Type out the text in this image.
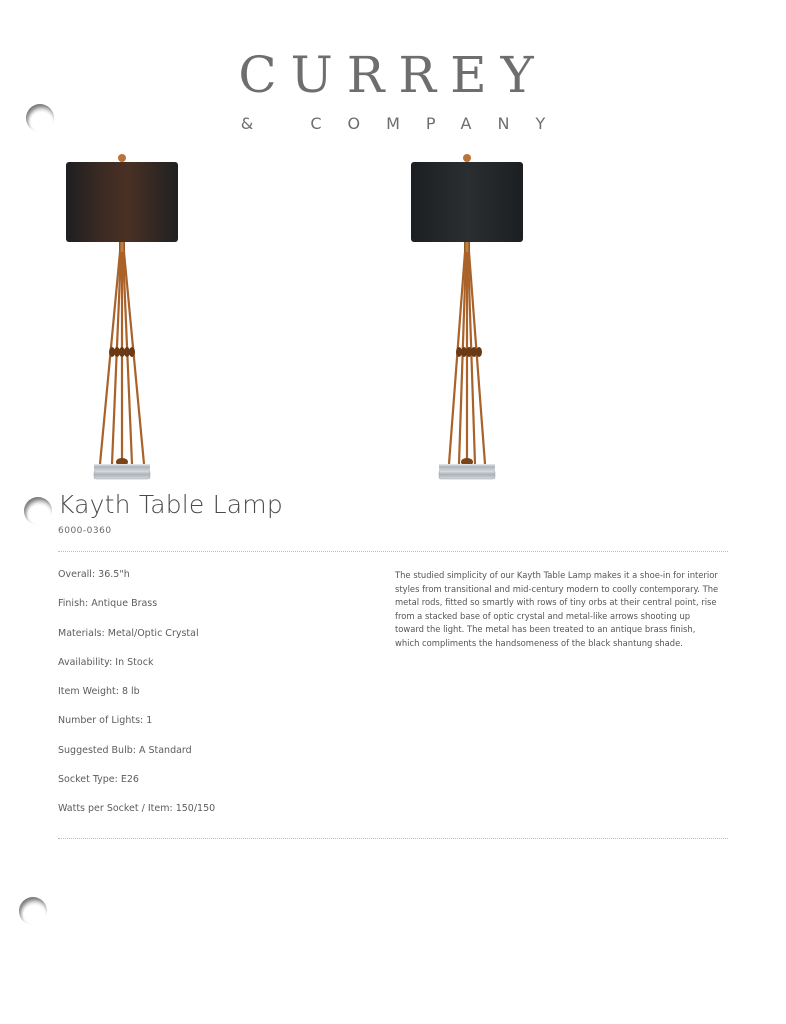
CURREY
& COMPANY
Kayth Table Lamp
6000-0360
Overall: 36.5"h
Finish: Antique Brass
Materials: Metal/Optic Crystal
Availability: In Stock
Item Weight: 8 lb
Number of Lights: 1
Suggested Bulb: A Standard
Socket Type: E26
Watts per Socket / Item: 150/150
The studied simplicity of our Kayth Table Lamp makes it a shoe-in for interior styles from transitional and mid-century modern to coolly contemporary. The metal rods, fitted so smartly with rows of tiny orbs at their central point, rise from a stacked base of optic crystal and metal-like arrows shooting up toward the light. The metal has been treated to an antique brass finish, which compliments the handsomeness of the black shantung shade.
